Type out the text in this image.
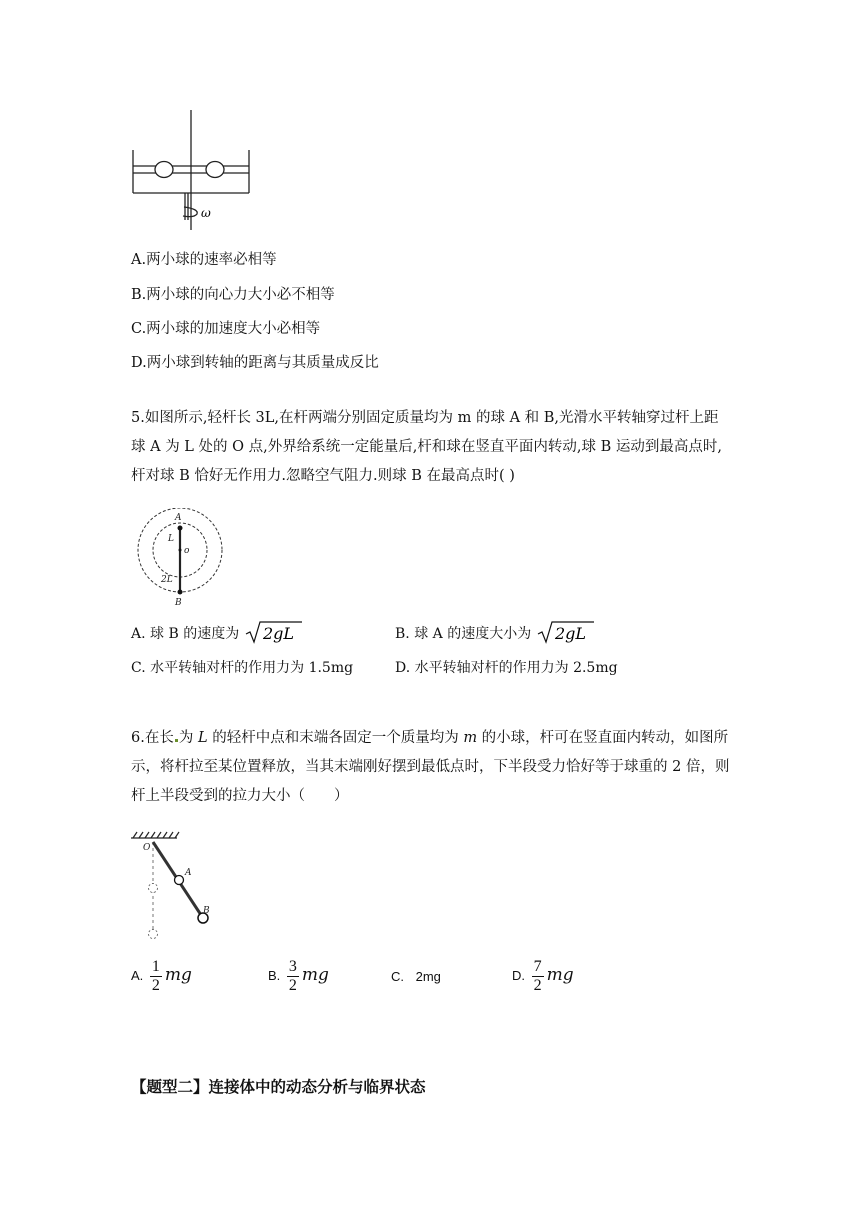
ω
A.两小球的速率必相等
B.两小球的向心力大小必不相等
C.两小球的加速度大小必相等
D.两小球到转轴的距离与其质量成反比
5.如图所示,轻杆长 3L,在杆两端分别固定质量均为 m 的球 A 和 B,光滑水平转轴穿过杆上距球 A 为 L 处的 O 点,外界给系统一定能量后,杆和球在竖直平面内转动,球 B 运动到最高点时,杆对球 B 恰好无作用力.忽略空气阻力.则球 B 在最高点时( )
A
L
o
2L
B
A. 球 B 的速度为 2gL	B. 球 A 的速度大小为 2gL
C. 水平转轴对杆的作用力为 1.5mg	D. 水平转轴对杆的作用力为 2.5mg
6.在长 为 L 的轻杆中点和末端各固定一个质量均为 m 的小球，杆可在竖直面内转动，如图所示，将杆拉至某位置释放，当其末端刚好摆到最低点时，下半段受力恰好等于球重的 2 倍，则杆上半段受到的拉力大小（　　）
O
A
B
A. $\frac{1}{2}$ mg	B. $\frac{3}{2}$ mg	C. 2mg	D. $\frac{7}{2}$ mg
【题型二】连接体中的动态分析与临界状态
